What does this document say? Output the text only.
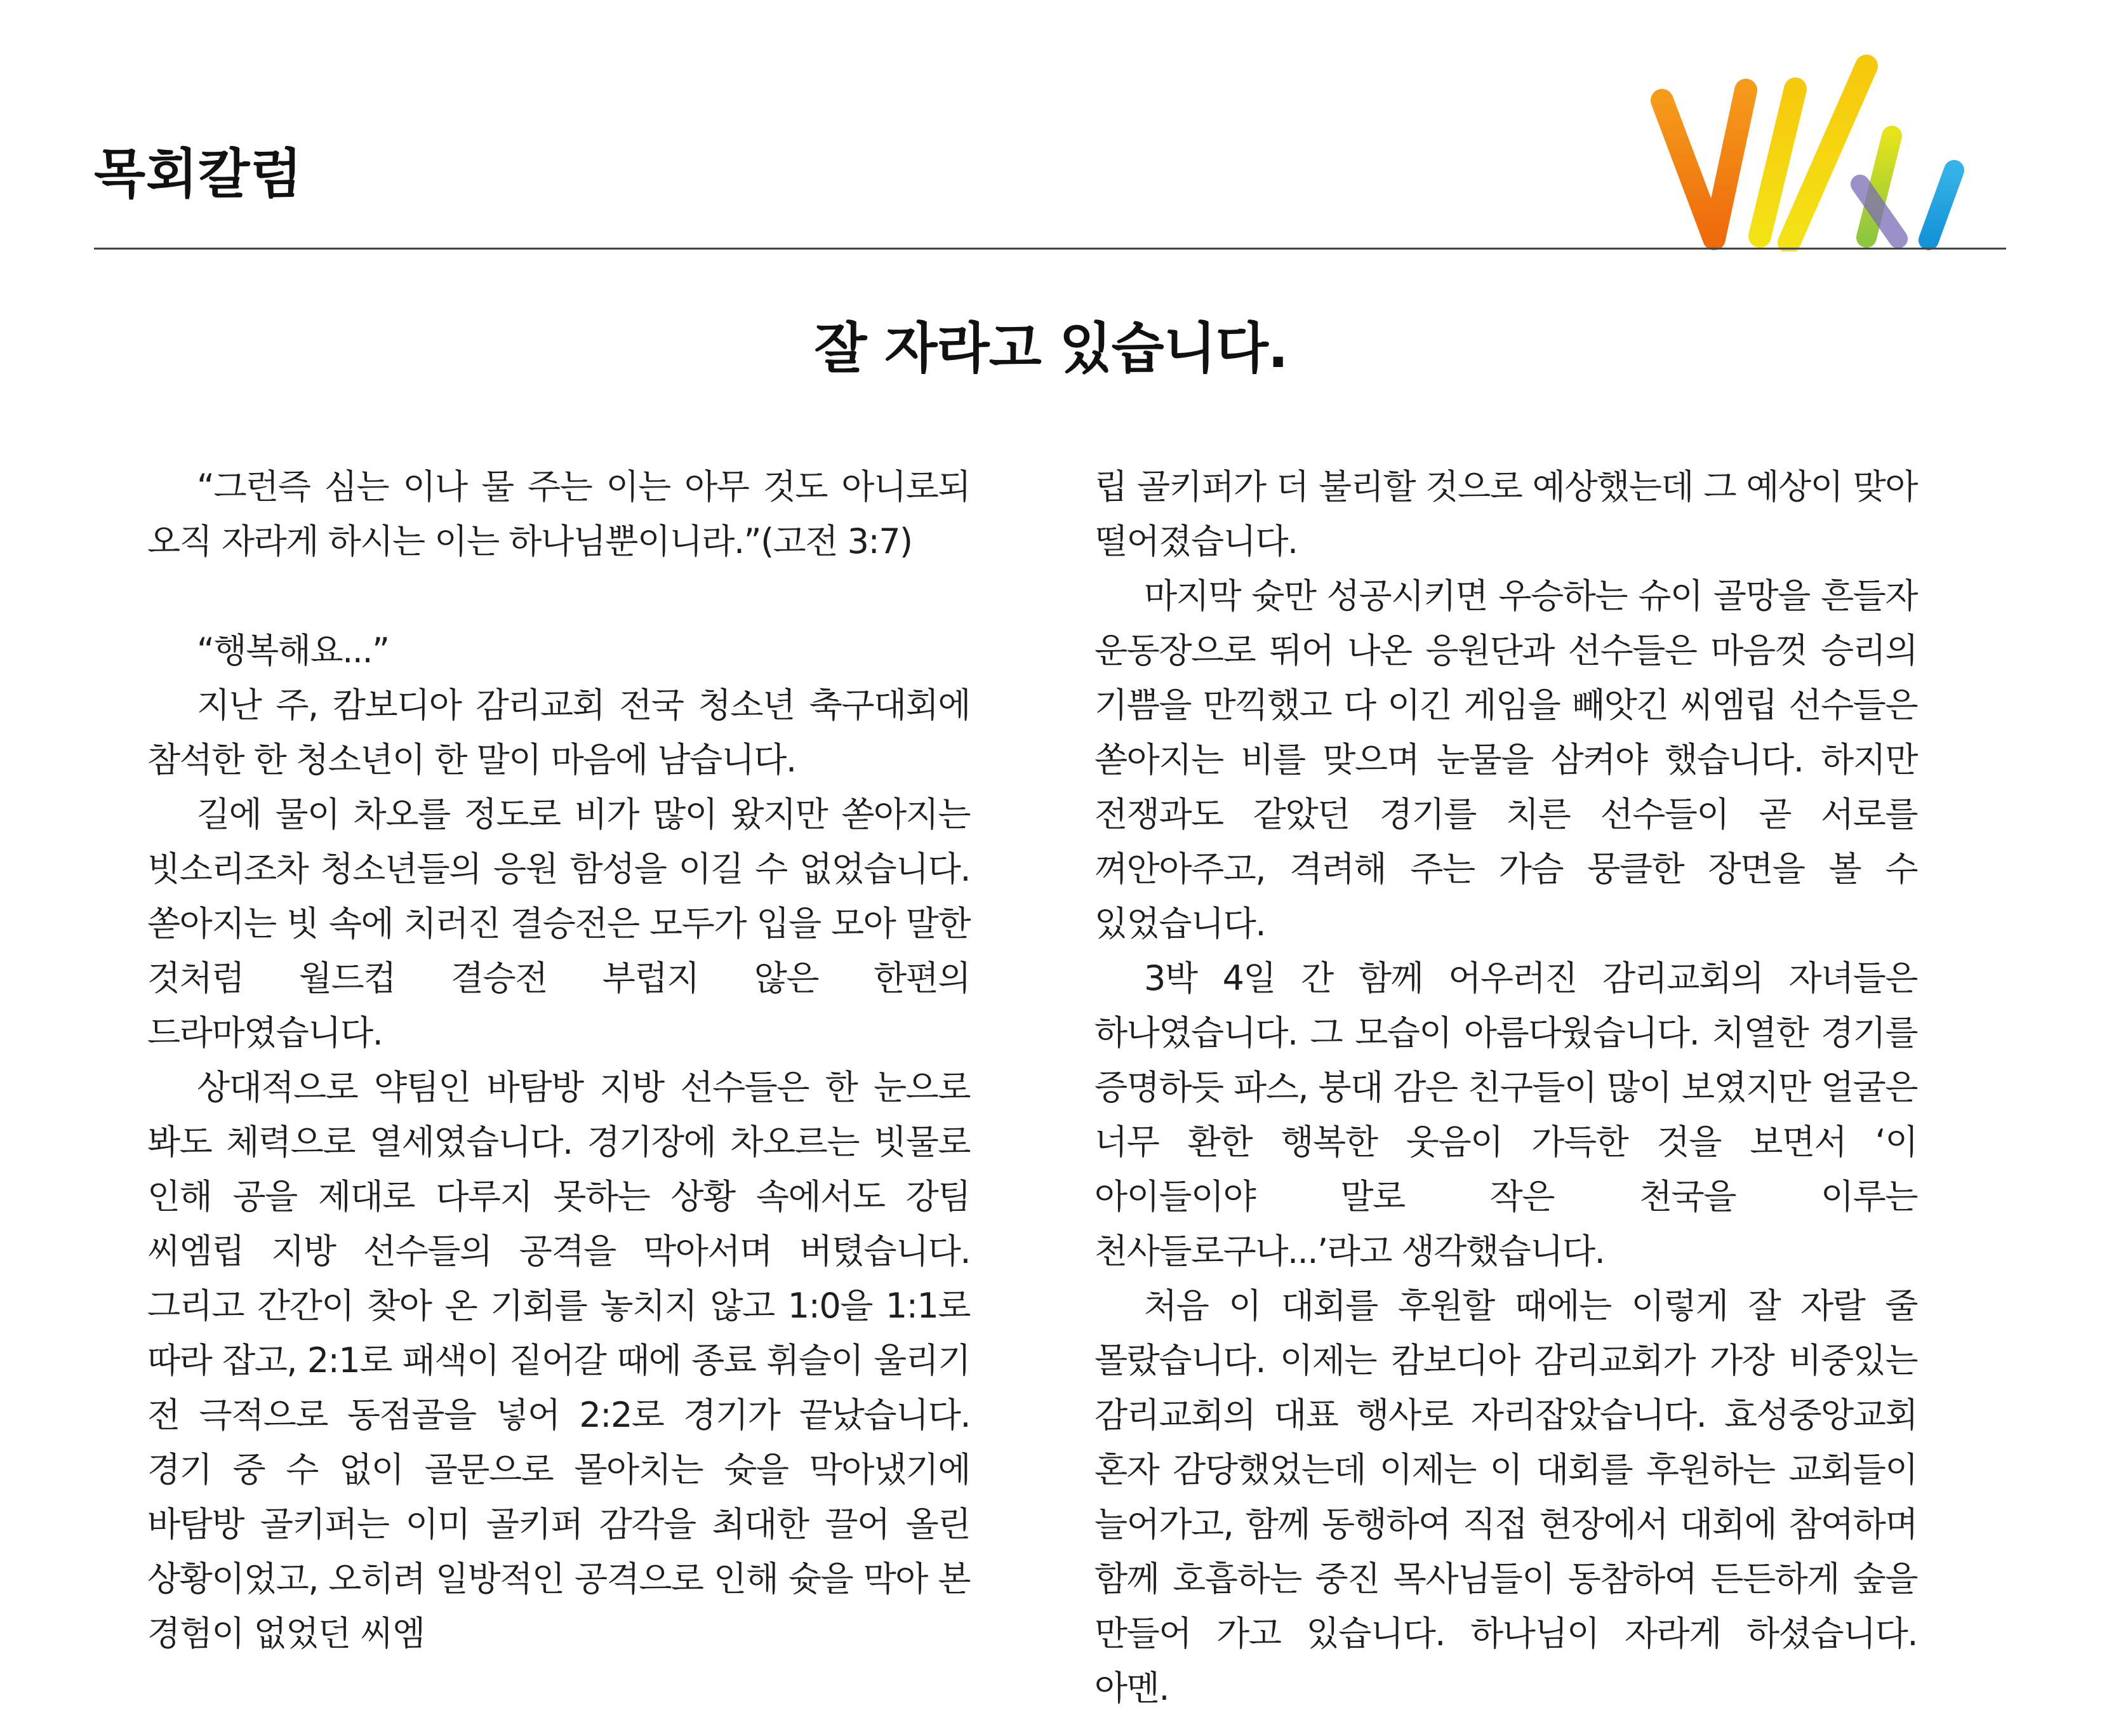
목회칼럼
잘 자라고 있습니다.

“그런즉 심는 이나 물 주는 이는 아무 것도 아니로되 오직 자라게 하시는 이는 하나님뿐이니라.”(고전 3:7)

“행복해요...”

지난 주, 캄보디아 감리교회 전국 청소년 축구대회에 참석한 한 청소년이 한 말이 마음에 남습니다.

길에 물이 차오를 정도로 비가 많이 왔지만 쏟아지는 빗소리조차 청소년들의 응원 함성을 이길 수 없었습니다. 쏟아지는 빗 속에 치러진 결승전은 모두가 입을 모아 말한 것처럼 월드컵 결승전 부럽지 않은 한편의 드라마였습니다.

상대적으로 약팀인 바탐방 지방 선수들은 한 눈으로 봐도 체력으로 열세였습니다. 경기장에 차오르는 빗물로 인해 공을 제대로 다루지 못하는 상황 속에서도 강팀 씨엠립 지방 선수들의 공격을 막아서며 버텼습니다. 그리고 간간이 찾아 온 기회를 놓치지 않고 1:0을 1:1로 따라 잡고, 2:1로 패색이 짙어갈 때에 종료 휘슬이 울리기 전 극적으로 동점골을 넣어 2:2로 경기가 끝났습니다. 경기 중 수 없이 골문으로 몰아치는 슛을 막아냈기에 바탐방 골키퍼는 이미 골키퍼 감각을 최대한 끌어 올린 상황이었고, 오히려 일방적인 공격으로 인해 슛을 막아 본 경험이 없었던 씨엠

립 골키퍼가 더 불리할 것으로 예상했는데 그 예상이 맞아 떨어졌습니다.

마지막 슛만 성공시키면 우승하는 슈이 골망을 흔들자 운동장으로 뛰어 나온 응원단과 선수들은 마음껏 승리의 기쁨을 만끽했고 다 이긴 게임을 빼앗긴 씨엠립 선수들은 쏟아지는 비를 맞으며 눈물을 삼켜야 했습니다. 하지만 전쟁과도 같았던 경기를 치른 선수들이 곧 서로를 껴안아주고, 격려해 주는 가슴 뭉클한 장면을 볼 수 있었습니다.

3박 4일 간 함께 어우러진 감리교회의 자녀들은 하나였습니다. 그 모습이 아름다웠습니다. 치열한 경기를 증명하듯 파스, 붕대 감은 친구들이 많이 보였지만 얼굴은 너무 환한 행복한 웃음이 가득한 것을 보면서 ‘이 아이들이야 말로 작은 천국을 이루는 천사들로구나...’라고 생각했습니다.

처음 이 대회를 후원할 때에는 이렇게 잘 자랄 줄 몰랐습니다. 이제는 캄보디아 감리교회가 가장 비중있는 감리교회의 대표 행사로 자리잡았습니다. 효성중앙교회 혼자 감당했었는데 이제는 이 대회를 후원하는 교회들이 늘어가고, 함께 동행하여 직접 현장에서 대회에 참여하며 함께 호흡하는 중진 목사님들이 동참하여 든든하게 숲을 만들어 가고 있습니다. 하나님이 자라게 하셨습니다. 아멘.
